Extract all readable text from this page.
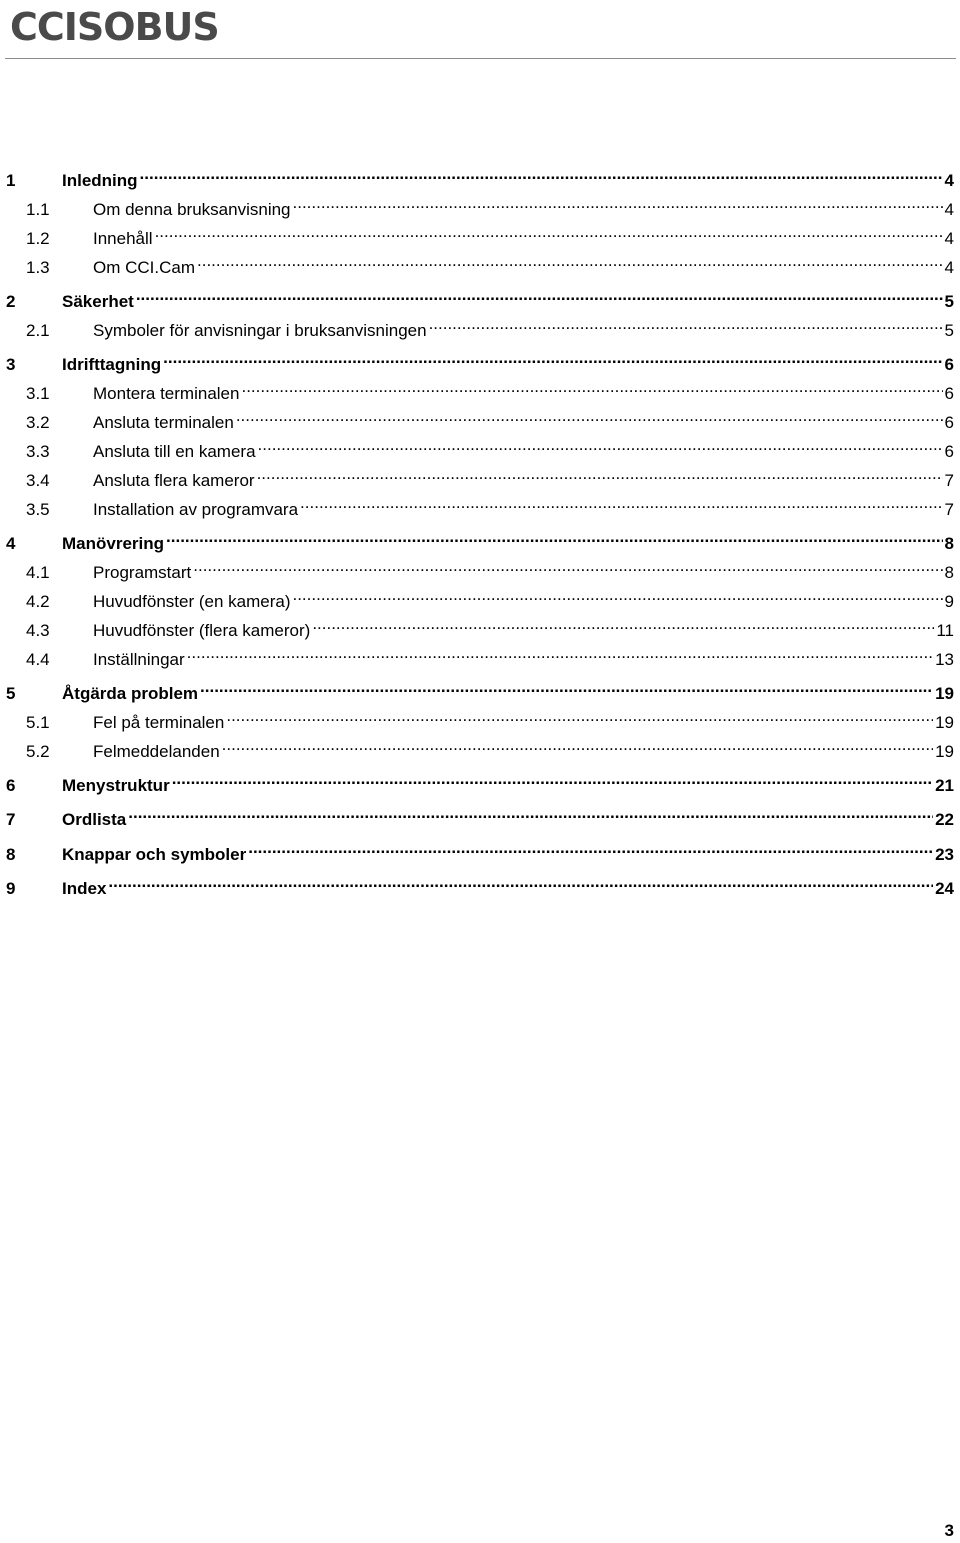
CCISOBUS
1	Inledning .....	4
1.1	Om denna bruksanvisning .....	4
1.2	Innehåll .....	4
1.3	Om CCI.Cam .....	4
2	Säkerhet .....	5
2.1	Symboler för anvisningar i bruksanvisningen .....	5
3	Idrifttagning .....	6
3.1	Montera terminalen .....	6
3.2	Ansluta terminalen .....	6
3.3	Ansluta till en kamera .....	6
3.4	Ansluta flera kameror .....	7
3.5	Installation av programvara .....	7
4	Manövrering .....	8
4.1	Programstart .....	8
4.2	Huvudfönster (en kamera) .....	9
4.3	Huvudfönster (flera kameror) .....	11
4.4	Inställningar .....	13
5	Åtgärda problem .....	19
5.1	Fel på terminalen .....	19
5.2	Felmeddelanden .....	19
6	Menystruktur .....	21
7	Ordlista .....	22
8	Knappar och symboler .....	23
9	Index .....	24
3
